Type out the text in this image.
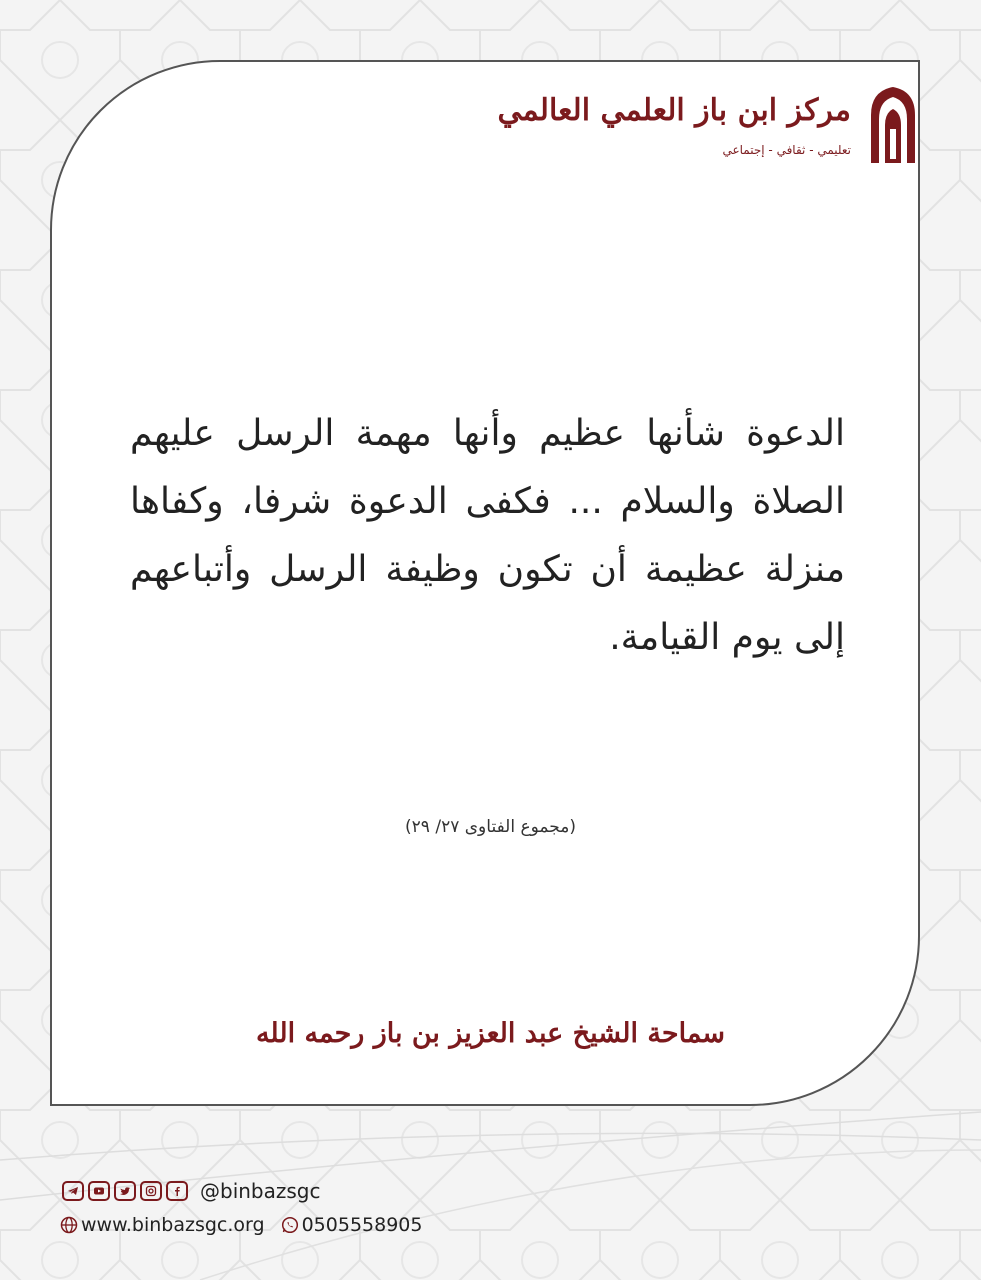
مركز ابن باز العلمي العالمي
تعليمي - ثقافي - إجتماعي
الدعوة شأنها عظيم وأنها مهمة الرسل عليهم الصلاة والسلام ... فكفى الدعوة شرفا، وكفاها منزلة عظيمة أن تكون وظيفة الرسل وأتباعهم إلى يوم القيامة.
(مجموع الفتاوى ٢٧/ ٢٩)
سماحة الشيخ عبد العزيز بن باز رحمه الله
@binbazsgc
www.binbazsgc.org 0505558905
